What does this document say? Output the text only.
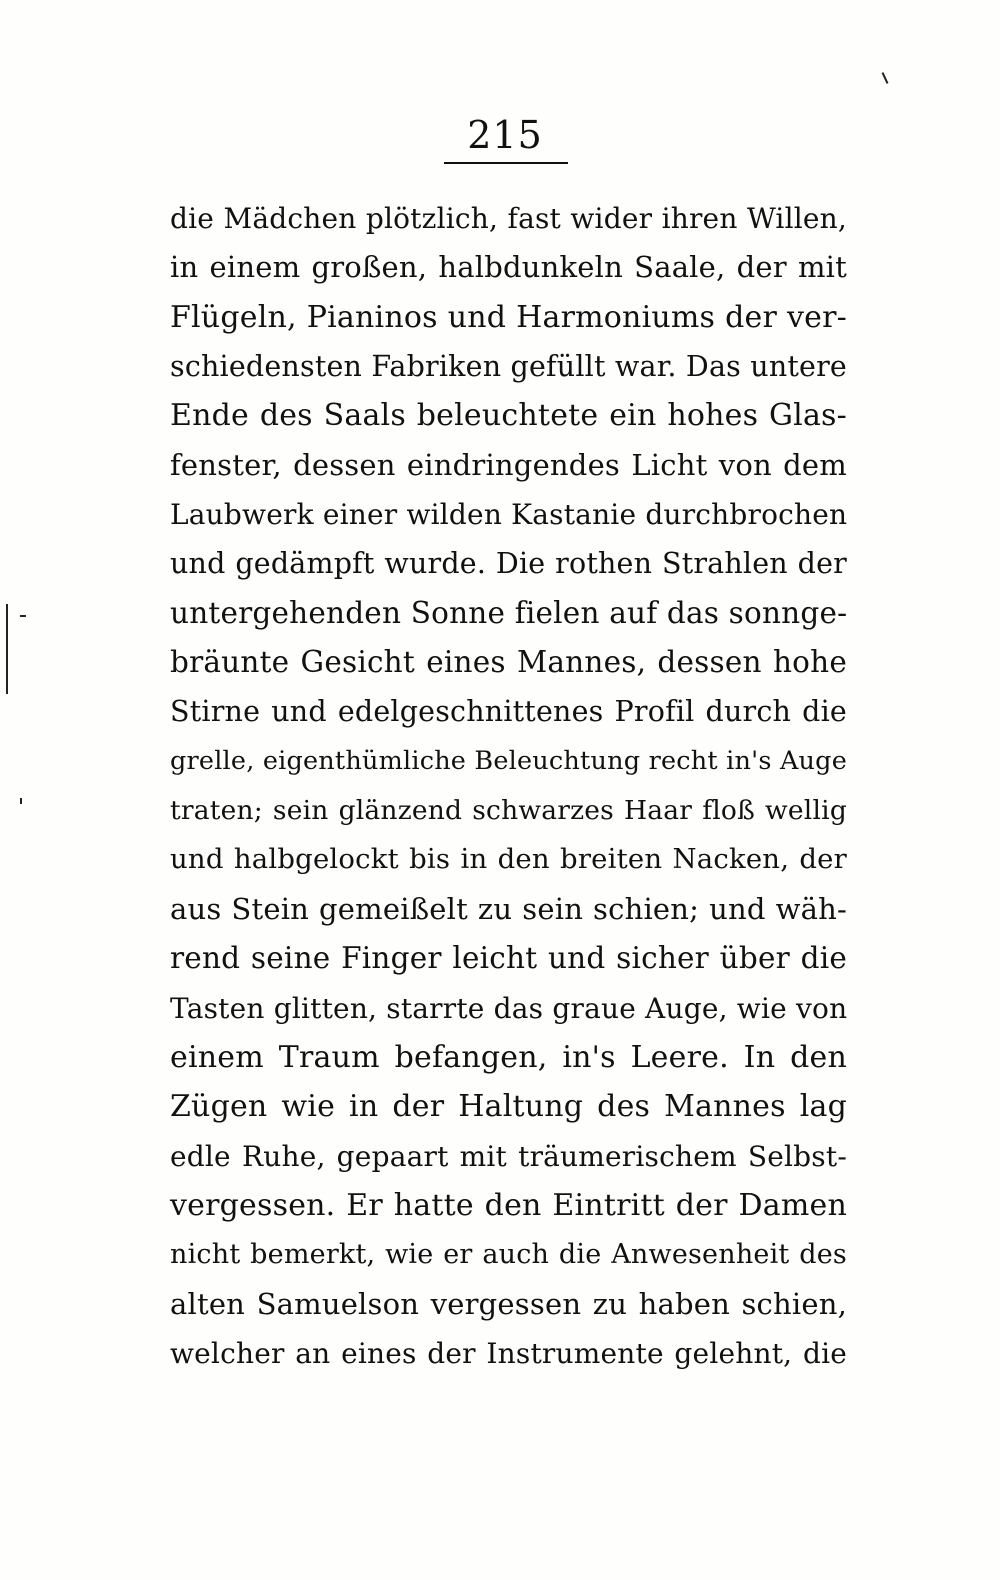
215
die Mädchen plötzlich, fast wider ihren Willen,
in einem großen, halbdunkeln Saale, der mit
Flügeln, Pianinos und Harmoniums der ver-
schiedensten Fabriken gefüllt war. Das untere
Ende des Saals beleuchtete ein hohes Glas-
fenster, dessen eindringendes Licht von dem
Laubwerk einer wilden Kastanie durchbrochen
und gedämpft wurde. Die rothen Strahlen der
untergehenden Sonne fielen auf das sonnge-
bräunte Gesicht eines Mannes, dessen hohe
Stirne und edelgeschnittenes Profil durch die
grelle, eigenthümliche Beleuchtung recht in's Auge
traten; sein glänzend schwarzes Haar floß wellig
und halbgelockt bis in den breiten Nacken, der
aus Stein gemeißelt zu sein schien; und wäh-
rend seine Finger leicht und sicher über die
Tasten glitten, starrte das graue Auge, wie von
einem Traum befangen, in's Leere. In den
Zügen wie in der Haltung des Mannes lag
edle Ruhe, gepaart mit träumerischem Selbst-
vergessen. Er hatte den Eintritt der Damen
nicht bemerkt, wie er auch die Anwesenheit des
alten Samuelson vergessen zu haben schien,
welcher an eines der Instrumente gelehnt, die
